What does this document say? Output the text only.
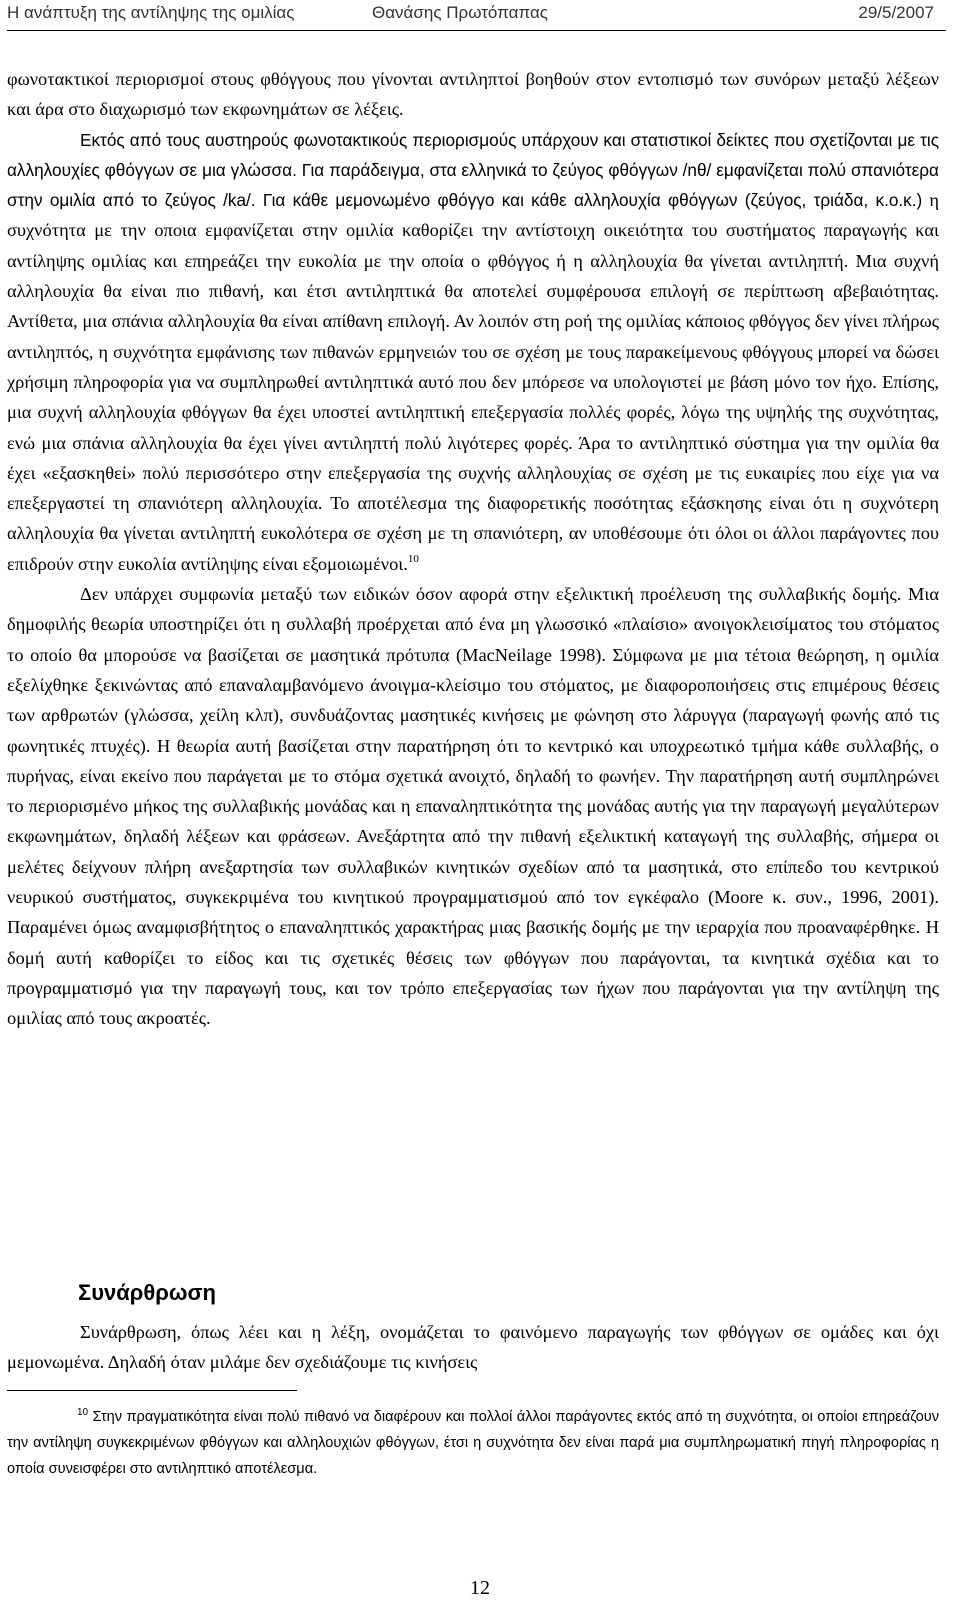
Η ανάπτυξη της αντίληψης της ομιλίας	Θανάσης Πρωτόπαπας	29/5/2007

φωνοτακτικοί περιορισμοί στους φθόγγους που γίνονται αντιληπτοί βοηθούν στον εντοπισμό των συνόρων μεταξύ λέξεων και άρα στο διαχωρισμό των εκφωνημάτων σε λέξεις.

Εκτός από τους αυστηρούς φωνοτακτικούς περιορισμούς υπάρχουν και στατιστικοί δείκτες που σχετίζονται με τις αλληλουχίες φθόγγων σε μια γλώσσα. Για παράδειγμα, στα ελληνικά το ζεύγος φθόγγων /nθ/ εμφανίζεται πολύ σπανιότερα στην ομιλία από το ζεύγος /ka/. Για κάθε μεμονωμένο φθόγγο και κάθε αλληλουχία φθόγγων (ζεύγος, τριάδα, κ.ο.κ.) η συχνότητα με την οποια εμφανίζεται στην ομιλία καθορίζει την αντίστοιχη οικειότητα του συστήματος παραγωγής και αντίληψης ομιλίας και επηρεάζει την ευκολία με την οποία ο φθόγγος ή η αλληλουχία θα γίνεται αντιληπτή. Μια συχνή αλληλουχία θα είναι πιο πιθανή, και έτσι αντιληπτικά θα αποτελεί συμφέρουσα επιλογή σε περίπτωση αβεβαιότητας. Αντίθετα, μια σπάνια αλληλουχία θα είναι απίθανη επιλογή. Αν λοιπόν στη ροή της ομιλίας κάποιος φθόγγος δεν γίνει πλήρως αντιληπτός, η συχνότητα εμφάνισης των πιθανών ερμηνειών του σε σχέση με τους παρακείμενους φθόγγους μπορεί να δώσει χρήσιμη πληροφορία για να συμπληρωθεί αντιληπτικά αυτό που δεν μπόρεσε να υπολογιστεί με βάση μόνο τον ήχο. Επίσης, μια συχνή αλληλουχία φθόγγων θα έχει υποστεί αντιληπτική επεξεργασία πολλές φορές, λόγω της υψηλής της συχνότητας, ενώ μια σπάνια αλληλουχία θα έχει γίνει αντιληπτή πολύ λιγότερες φορές. Άρα το αντιληπτικό σύστημα για την ομιλία θα έχει «εξασκηθεί» πολύ περισσότερο στην επεξεργασία της συχνής αλληλουχίας σε σχέση με τις ευκαιρίες που είχε για να επεξεργαστεί τη σπανιότερη αλληλουχία. Το αποτέλεσμα της διαφορετικής ποσότητας εξάσκησης είναι ότι η συχνότερη αλληλουχία θα γίνεται αντιληπτή ευκολότερα σε σχέση με τη σπανιότερη, αν υποθέσουμε ότι όλοι οι άλλοι παράγοντες που επιδρούν στην ευκολία αντίληψης είναι εξομοιωμένοι.$^{10}$

Δεν υπάρχει συμφωνία μεταξύ των ειδικών όσον αφορά στην εξελικτική προέλευση της συλλαβικής δομής. Μια δημοφιλής θεωρία υποστηρίζει ότι η συλλαβή προέρχεται από ένα μη γλωσσικό «πλαίσιο» ανοιγοκλεισίματος του στόματος το οποίο θα μπορούσε να βασίζεται σε μασητικά πρότυπα (MacNeilage 1998). Σύμφωνα με μια τέτοια θεώρηση, η ομιλία εξελίχθηκε ξεκινώντας από επαναλαμβανόμενο άνοιγμα-κλείσιμο του στόματος, με διαφοροποιήσεις στις επιμέρους θέσεις των αρθρωτών (γλώσσα, χείλη κλπ), συνδυάζοντας μασητικές κινήσεις με φώνηση στο λάρυγγα (παραγωγή φωνής από τις φωνητικές πτυχές). Η θεωρία αυτή βασίζεται στην παρατήρηση ότι το κεντρικό και υποχρεωτικό τμήμα κάθε συλλαβής, ο πυρήνας, είναι εκείνο που παράγεται με το στόμα σχετικά ανοιχτό, δηλαδή το φωνήεν. Την παρατήρηση αυτή συμπληρώνει το περιορισμένο μήκος της συλλαβικής μονάδας και η επαναληπτικότητα της μονάδας αυτής για την παραγωγή μεγαλύτερων εκφωνημάτων, δηλαδή λέξεων και φράσεων. Ανεξάρτητα από την πιθανή εξελικτική καταγωγή της συλλαβής, σήμερα οι μελέτες δείχνουν πλήρη ανεξαρτησία των συλλαβικών κινητικών σχεδίων από τα μασητικά, στο επίπεδο του κεντρικού νευρικού συστήματος, συγκεκριμένα του κινητικού προγραμματισμού από τον εγκέφαλο (Moore κ. συν., 1996, 2001). Παραμένει όμως αναμφισβήτητος ο επαναληπτικός χαρακτήρας μιας βασικής δομής με την ιεραρχία που προαναφέρθηκε. Η δομή αυτή καθορίζει το είδος και τις σχετικές θέσεις των φθόγγων που παράγονται, τα κινητικά σχέδια και το προγραμματισμό για την παραγωγή τους, και τον τρόπο επεξεργασίας των ήχων που παράγονται για την αντίληψη της ομιλίας από τους ακροατές.

Συνάρθρωση

Συνάρθρωση, όπως λέει και η λέξη, ονομάζεται το φαινόμενο παραγωγής των φθόγγων σε ομάδες και όχι μεμονωμένα. Δηλαδή όταν μιλάμε δεν σχεδιάζουμε τις κινήσεις

$^{10}$ Στην πραγματικότητα είναι πολύ πιθανό να διαφέρουν και πολλοί άλλοι παράγοντες εκτός από τη συχνότητα, οι οποίοι επηρεάζουν την αντίληψη συγκεκριμένων φθόγγων και αλληλουχιών φθόγγων, έτσι η συχνότητα δεν είναι παρά μια συμπληρωματική πηγή πληροφορίας η οποία συνεισφέρει στο αντιληπτικό αποτέλεσμα.

12
